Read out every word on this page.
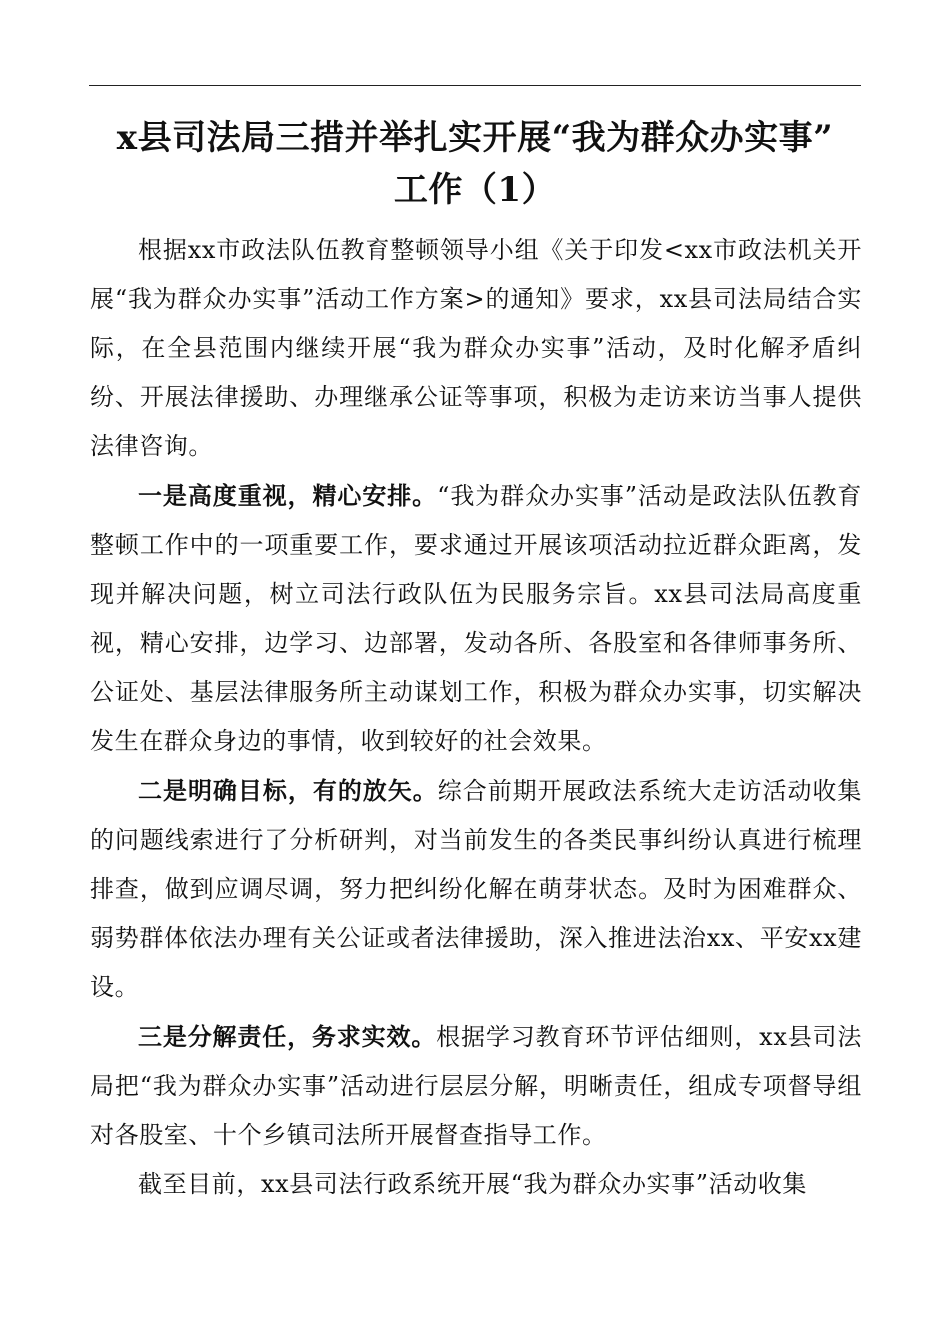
x县司法局三措并举扎实开展“我为群众办实事”
工作（1）

根据xx市政法队伍教育整顿领导小组《关于印发<xx市政法机关开展“我为群众办实事”活动工作方案>的通知》要求，xx县司法局结合实际，在全县范围内继续开展“我为群众办实事”活动，及时化解矛盾纠纷、开展法律援助、办理继承公证等事项，积极为走访来访当事人提供法律咨询。

一是高度重视，精心安排。“我为群众办实事”活动是政法队伍教育整顿工作中的一项重要工作，要求通过开展该项活动拉近群众距离，发现并解决问题，树立司法行政队伍为民服务宗旨。xx县司法局高度重视，精心安排，边学习、边部署，发动各所、各股室和各律师事务所、公证处、基层法律服务所主动谋划工作，积极为群众办实事，切实解决发生在群众身边的事情，收到较好的社会效果。

二是明确目标，有的放矢。综合前期开展政法系统大走访活动收集的问题线索进行了分析研判，对当前发生的各类民事纠纷认真进行梳理排查，做到应调尽调，努力把纠纷化解在萌芽状态。及时为困难群众、弱势群体依法办理有关公证或者法律援助，深入推进法治xx、平安xx建设。

三是分解责任，务求实效。根据学习教育环节评估细则，xx县司法局把“我为群众办实事”活动进行层层分解，明晰责任，组成专项督导组对各股室、十个乡镇司法所开展督查指导工作。

截至目前，xx县司法行政系统开展“我为群众办实事”活动收集
